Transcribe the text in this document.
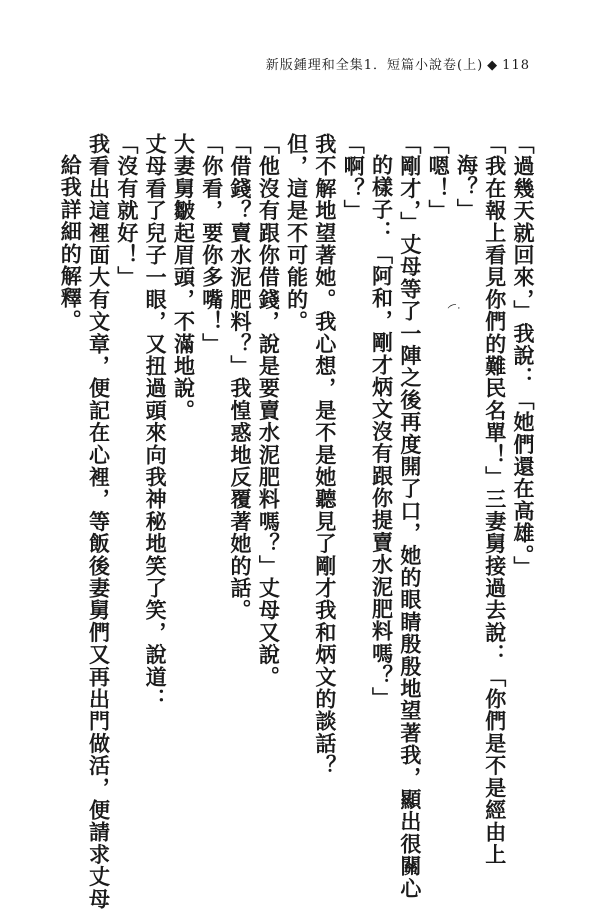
新版鍾理和全集1．短篇小說卷(上) ◆ 118
⁀· 「過幾天就回來，」我說：「她們還在高雄。」
「我在報上看見你們的難民名單！」三妻舅接過去說：「你們是不是經由上
海？」
「嗯！」
「剛才，」丈母等了一陣之後再度開了口，她的眼睛殷殷地望著我，顯出很關心
的樣子：「阿和，剛才炳文沒有跟你提賣水泥肥料嗎？」
「啊？」
我不解地望著她。我心想，是不是她聽見了剛才我和炳文的談話？
但，這是不可能的。
「他沒有跟你借錢，說是要賣水泥肥料嗎？」丈母又說。
「借錢？賣水泥肥料？」我惶惑地反覆著她的話。
「你看，要你多嘴！」
大妻舅皺起眉頭，不滿地說。
丈母看了兒子一眼，又扭過頭來向我神秘地笑了笑，說道：
「沒有就好！」
我看出這裡面大有文章，便記在心裡，等飯後妻舅們又再出門做活，便請求丈母
給我詳細的解釋。
